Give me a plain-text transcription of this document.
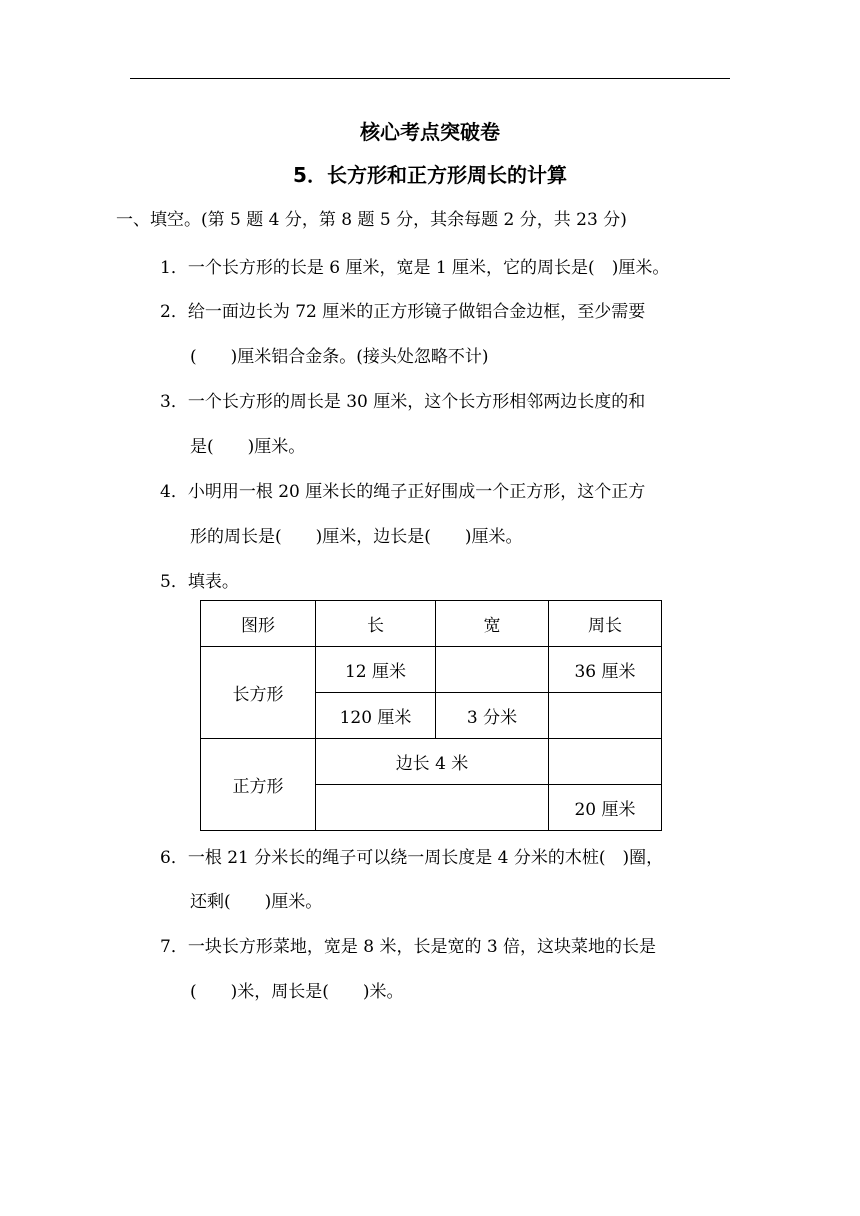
核心考点突破卷
5．长方形和正方形周长的计算
一、填空。(第 5 题 4 分，第 8 题 5 分，其余每题 2 分，共 23 分)
1．一个长方形的长是 6 厘米，宽是 1 厘米，它的周长是(　)厘米。
2．给一面边长为 72 厘米的正方形镜子做铝合金边框，至少需要
(　　)厘米铝合金条。(接头处忽略不计)
3．一个长方形的周长是 30 厘米，这个长方形相邻两边长度的和
是(　　)厘米。
4．小明用一根 20 厘米长的绳子正好围成一个正方形，这个正方
形的周长是(　　)厘米，边长是(　　)厘米。
5．填表。
图形	长	宽	周长
长方形	12 厘米		36 厘米
	120 厘米	3 分米	
正方形	边长 4 米		
			20 厘米
6．一根 21 分米长的绳子可以绕一周长度是 4 分米的木桩(　)圈，
还剩(　　)厘米。
7．一块长方形菜地，宽是 8 米，长是宽的 3 倍，这块菜地的长是
(　　)米，周长是(　　)米。
